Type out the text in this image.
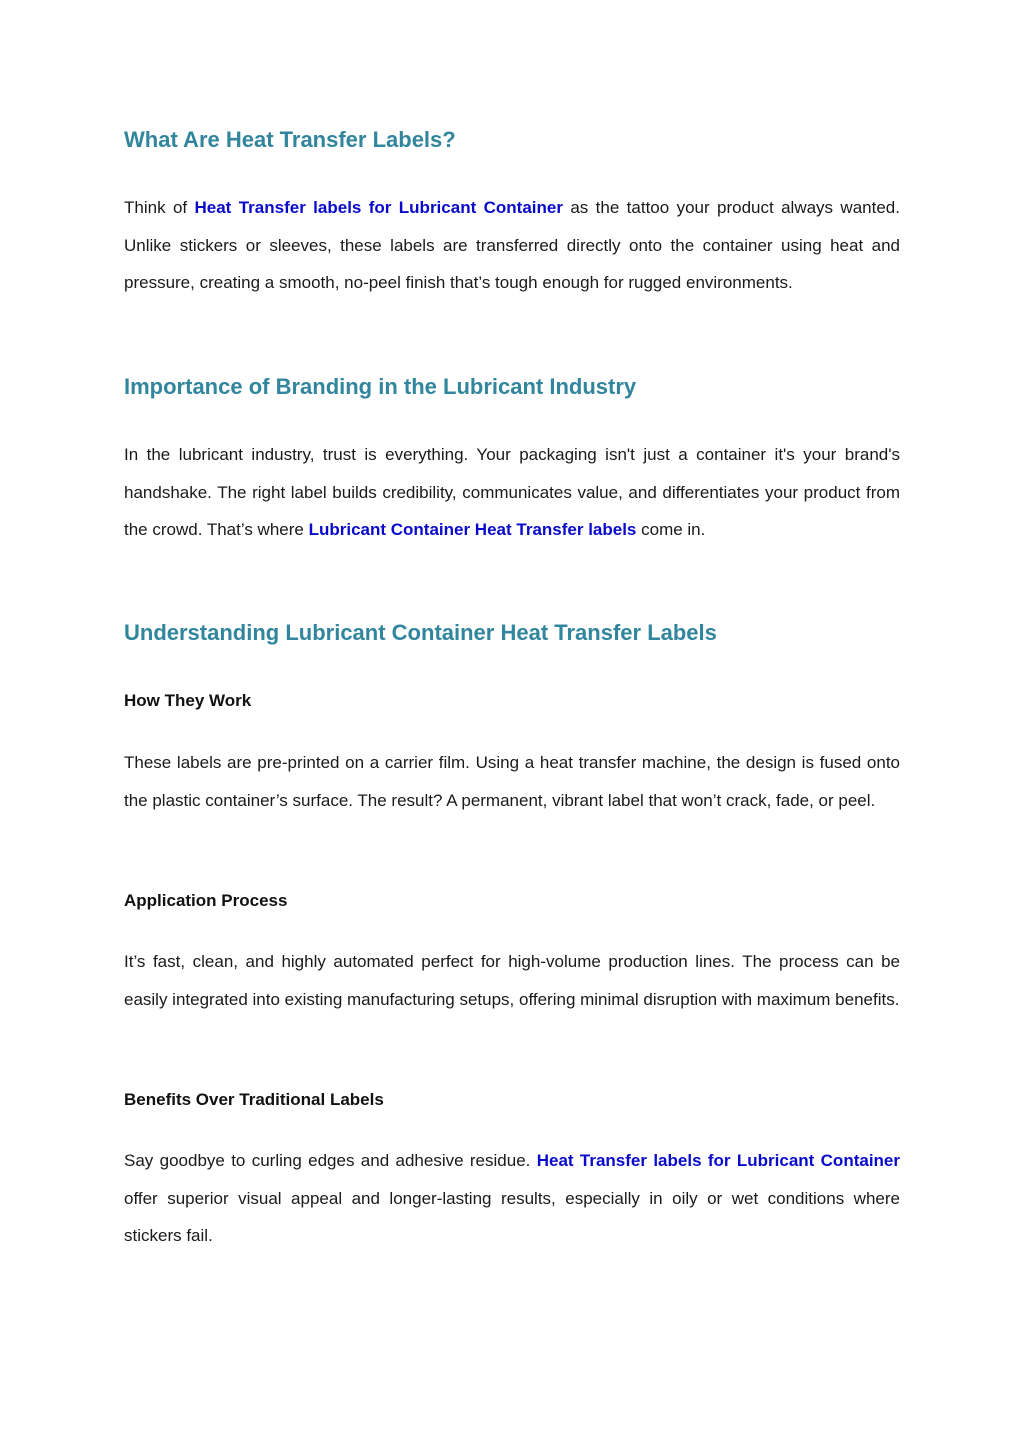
What Are Heat Transfer Labels?

Think of Heat Transfer labels for Lubricant Container as the tattoo your product always wanted. Unlike stickers or sleeves, these labels are transferred directly onto the container using heat and pressure, creating a smooth, no-peel finish that’s tough enough for rugged environments.

Importance of Branding in the Lubricant Industry

In the lubricant industry, trust is everything. Your packaging isn't just a container it's your brand's handshake. The right label builds credibility, communicates value, and differentiates your product from the crowd. That’s where Lubricant Container Heat Transfer labels come in.

Understanding Lubricant Container Heat Transfer Labels
How They Work

These labels are pre-printed on a carrier film. Using a heat transfer machine, the design is fused onto the plastic container’s surface. The result? A permanent, vibrant label that won’t crack, fade, or peel.

Application Process

It’s fast, clean, and highly automated perfect for high-volume production lines. The process can be easily integrated into existing manufacturing setups, offering minimal disruption with maximum benefits.

Benefits Over Traditional Labels

Say goodbye to curling edges and adhesive residue. Heat Transfer labels for Lubricant Container offer superior visual appeal and longer-lasting results, especially in oily or wet conditions where stickers fail.
